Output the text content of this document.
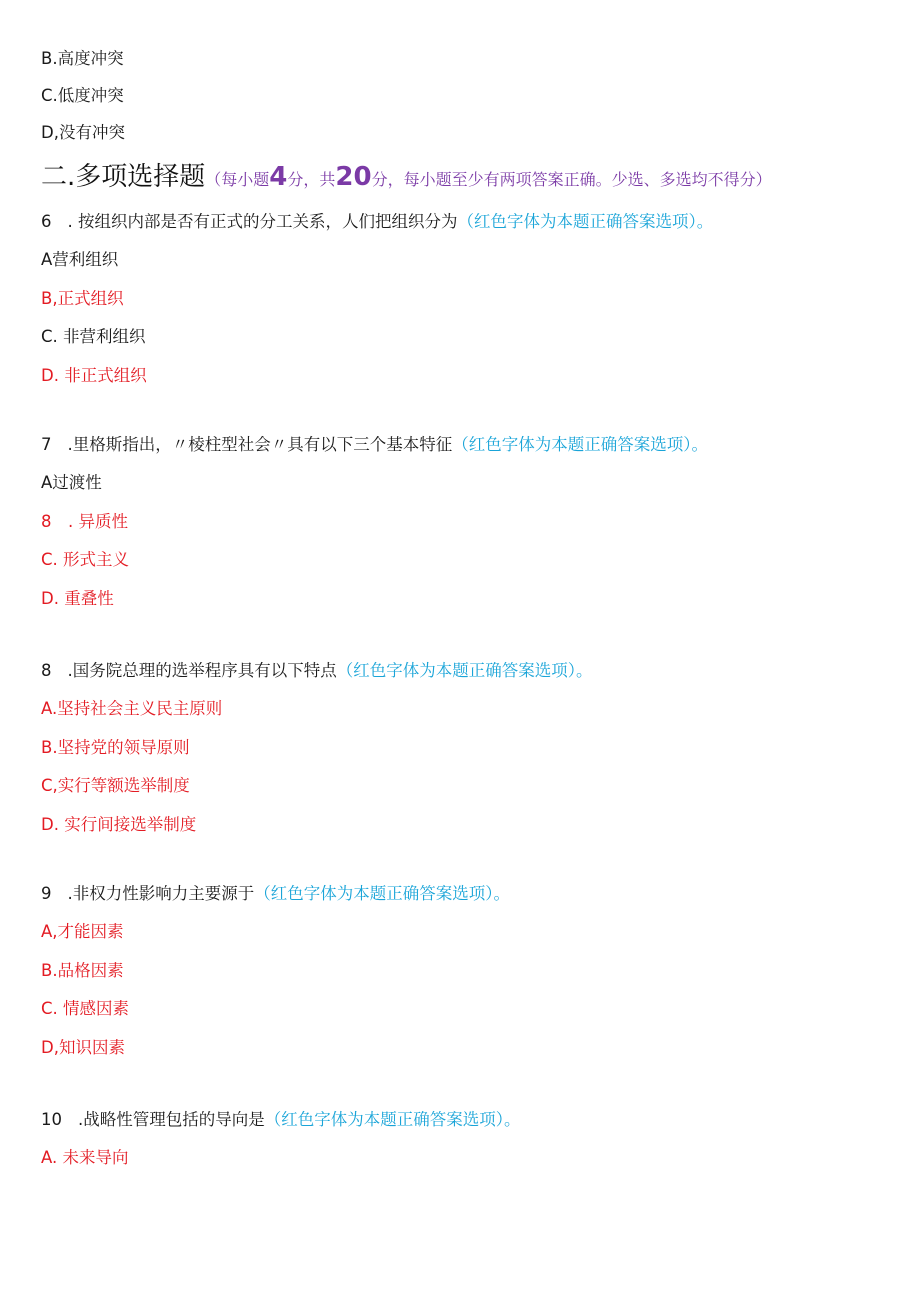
B.高度冲突
C.低度冲突
D,没有冲突
二.多项选择题（每小题4分，共20分，每小题至少有两项答案正确。少选、多选均不得分）
6 . 按组织内部是否有正式的分工关系，人们把组织分为（红色字体为本题正确答案选项）。
A营利组织
B,正式组织
C. 非营利组织
D. 非正式组织
7 .里格斯指出，〃棱柱型社会〃具有以下三个基本特征（红色字体为本题正确答案选项）。
A过渡性
8 . 异质性
C. 形式主义
D. 重叠性
8 .国务院总理的选举程序具有以下特点（红色字体为本题正确答案选项）。
A.坚持社会主义民主原则
B.坚持党的领导原则
C,实行等额选举制度
D. 实行间接选举制度
9 .非权力性影响力主要源于（红色字体为本题正确答案选项）。
A,才能因素
B.品格因素
C. 情感因素
D,知识因素
10 .战略性管理包括的导向是（红色字体为本题正确答案选项）。
A. 未来导向
